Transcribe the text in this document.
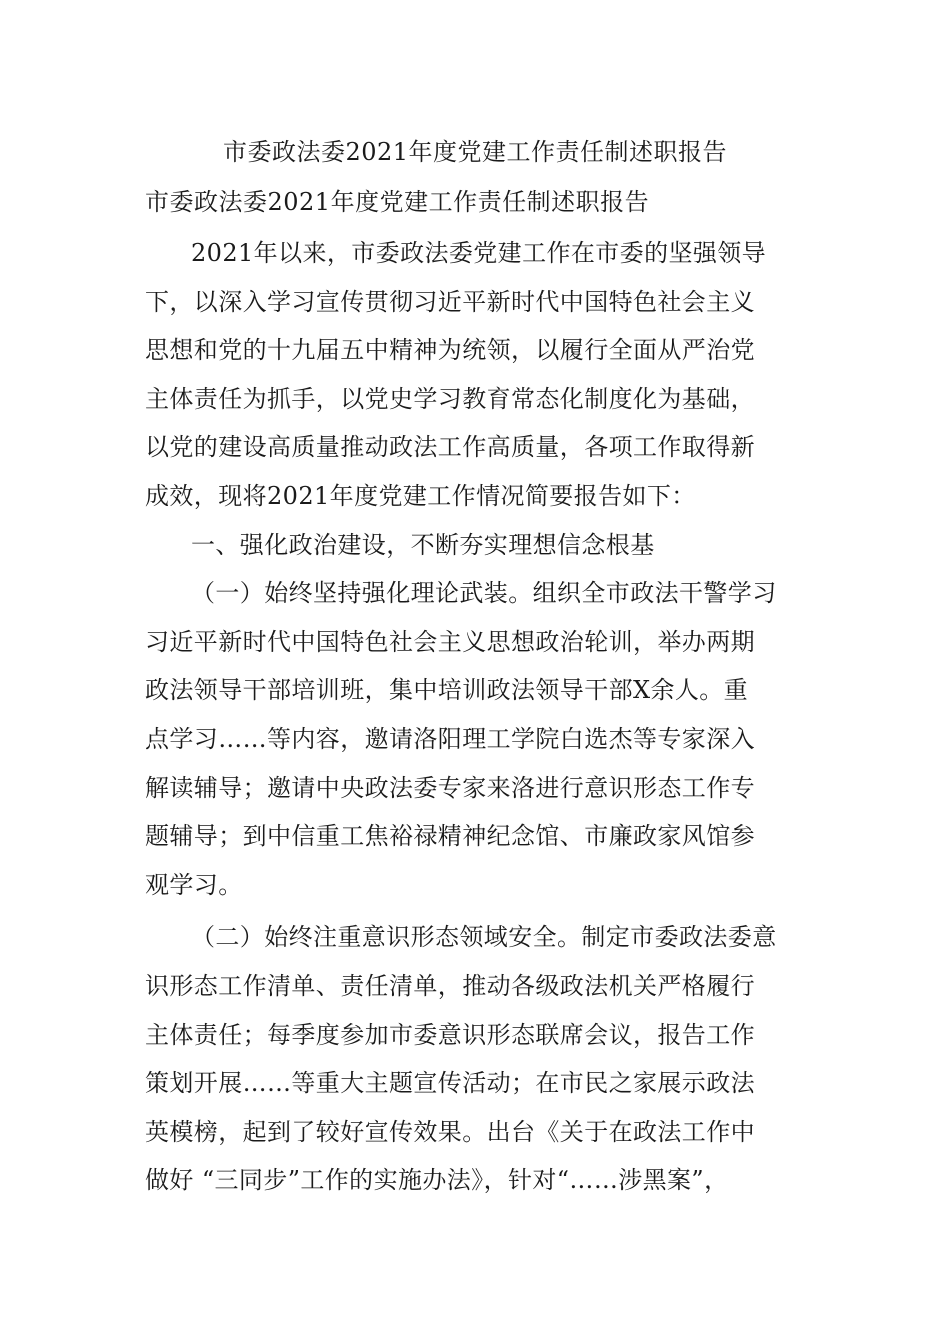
市委政法委2021年度党建工作责任制述职报告
市委政法委2021年度党建工作责任制述职报告
2021年以来，市委政法委党建工作在市委的坚强领导
下，以深入学习宣传贯彻习近平新时代中国特色社会主义
思想和党的十九届五中精神为统领，以履行全面从严治党
主体责任为抓手，以党史学习教育常态化制度化为基础，
以党的建设高质量推动政法工作高质量，各项工作取得新
成效，现将2021年度党建工作情况简要报告如下：
一、强化政治建设，不断夯实理想信念根基
（一）始终坚持强化理论武装。组织全市政法干警学习
习近平新时代中国特色社会主义思想政治轮训，举办两期
政法领导干部培训班，集中培训政法领导干部X余人。重
点学习……等内容，邀请洛阳理工学院白选杰等专家深入
解读辅导；邀请中央政法委专家来洛进行意识形态工作专
题辅导；到中信重工焦裕禄精神纪念馆、市廉政家风馆参
观学习。
（二）始终注重意识形态领域安全。制定市委政法委意
识形态工作清单、责任清单，推动各级政法机关严格履行
主体责任；每季度参加市委意识形态联席会议，报告工作
策划开展……等重大主题宣传活动；在市民之家展示政法
英模榜，起到了较好宣传效果。出台《关于在政法工作中
做好 “三同步”工作的实施办法》，针对“……涉黑案”，
